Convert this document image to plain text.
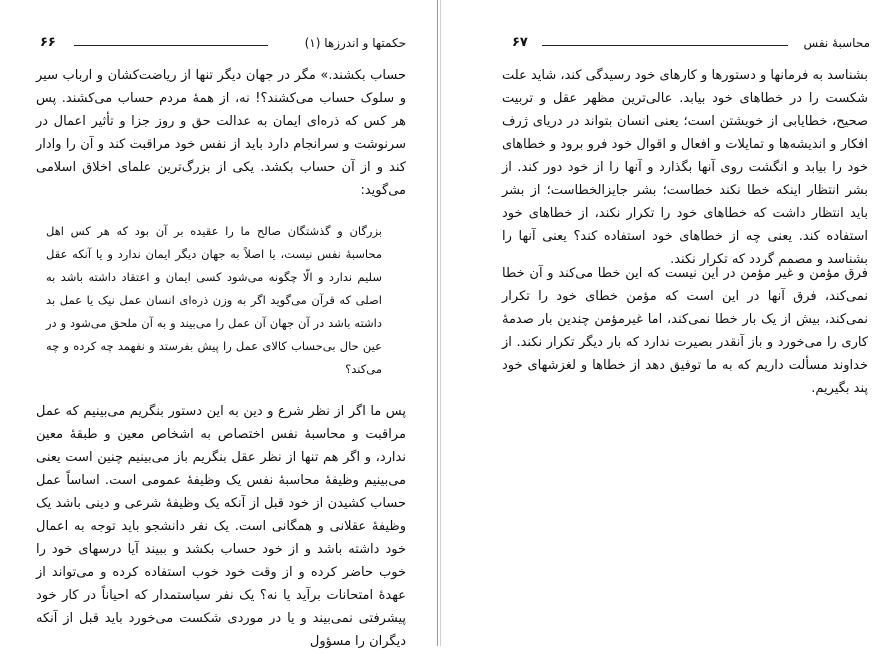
۶۶	حکمتها و اندرزها (۱)

حساب بکشند.» مگر در جهان دیگر تنها از ریاضت‌کشان و ارباب سیر و سلوک حساب می‌کشند؟! نه، از همهٔ مردم حساب می‌کشند. پس هر کس که ذره‌ای ایمان به عدالت حق و روز جزا و تأثیر اعمال در سرنوشت و سرانجام دارد باید از نفس خود مراقبت کند و آن را وادار کند و از آن حساب بکشد. یکی از بزرگ‌ترین علمای اخلاق اسلامی می‌گوید:

بزرگان و گذشتگان صالح ما را عقیده بر آن بود که هر کس اهل محاسبهٔ نفس نیست، یا اصلاً به جهان دیگر ایمان ندارد و یا آنکه عقل سلیم ندارد و الّا چگونه می‌شود کسی ایمان و اعتقاد داشته باشد به اصلی که قرآن می‌گوید اگر به وزن ذره‌ای انسان عمل نیک یا عمل بد داشته باشد در آن جهان آن عمل را می‌بیند و به آن ملحق می‌شود و در عین حال بی‌حساب کالای عمل را پیش بفرستد و نفهمد چه کرده و چه می‌کند؟

پس ما اگر از نظر شرع و دین به این دستور بنگریم می‌بینیم که عمل مراقبت و محاسبهٔ نفس اختصاص به اشخاص معین و طبقهٔ معین ندارد، و اگر هم تنها از نظر عقل بنگریم باز می‌بینیم چنین است یعنی می‌بینیم وظیفهٔ محاسبهٔ نفس یک وظیفهٔ عمومی است. اساساً عمل حساب کشیدن از خود قبل از آنکه یک وظیفهٔ شرعی و دینی باشد یک وظیفهٔ عقلانی و همگانی است. یک نفر دانشجو باید توجه به اعمال خود داشته باشد و از خود حساب بکشد و ببیند آیا درسهای خود را خوب حاضر کرده و از وقت خود خوب استفاده کرده و می‌تواند از عهدهٔ امتحانات برآید یا نه؟ یک نفر سیاستمدار که احیاناً در کار خود پیشرفتی نمی‌بیند و یا در موردی شکست می‌خورد باید قبل از آنکه دیگران را مسؤول

۶۷	محاسبهٔ نفس

بشناسد به فرمانها و دستورها و کارهای خود رسیدگی کند، شاید علت شکست را در خطاهای خود بیابد. عالی‌ترین مظهر عقل و تربیت صحیح، خطایابی از خویشتن است؛ یعنی انسان بتواند در دریای ژرف افکار و اندیشه‌ها و تمایلات و افعال و اقوال خود فرو برود و خطاهای خود را بیابد و انگشت روی آنها بگذارد و آنها را از خود دور کند. از بشر انتظار اینکه خطا نکند خطاست؛ بشر جایزالخطاست؛ از بشر باید انتظار داشت که خطاهای خود را تکرار نکند، از خطاهای خود استفاده کند. یعنی چه از خطاهای خود استفاده کند؟ یعنی آنها را بشناسد و مصمم گردد که تکرار نکند.

فرق مؤمن و غیر مؤمن در این نیست که این خطا می‌کند و آن خطا نمی‌کند، فرق آنها در این است که مؤمن خطای خود را تکرار نمی‌کند، بیش از یک بار خطا نمی‌کند، اما غیرمؤمن چندین بار صدمهٔ کاری را می‌خورد و باز آنقدر بصیرت ندارد که بار دیگر تکرار نکند. از خداوند مسألت داریم که به ما توفیق دهد از خطاها و لغزشهای خود پند بگیریم.
